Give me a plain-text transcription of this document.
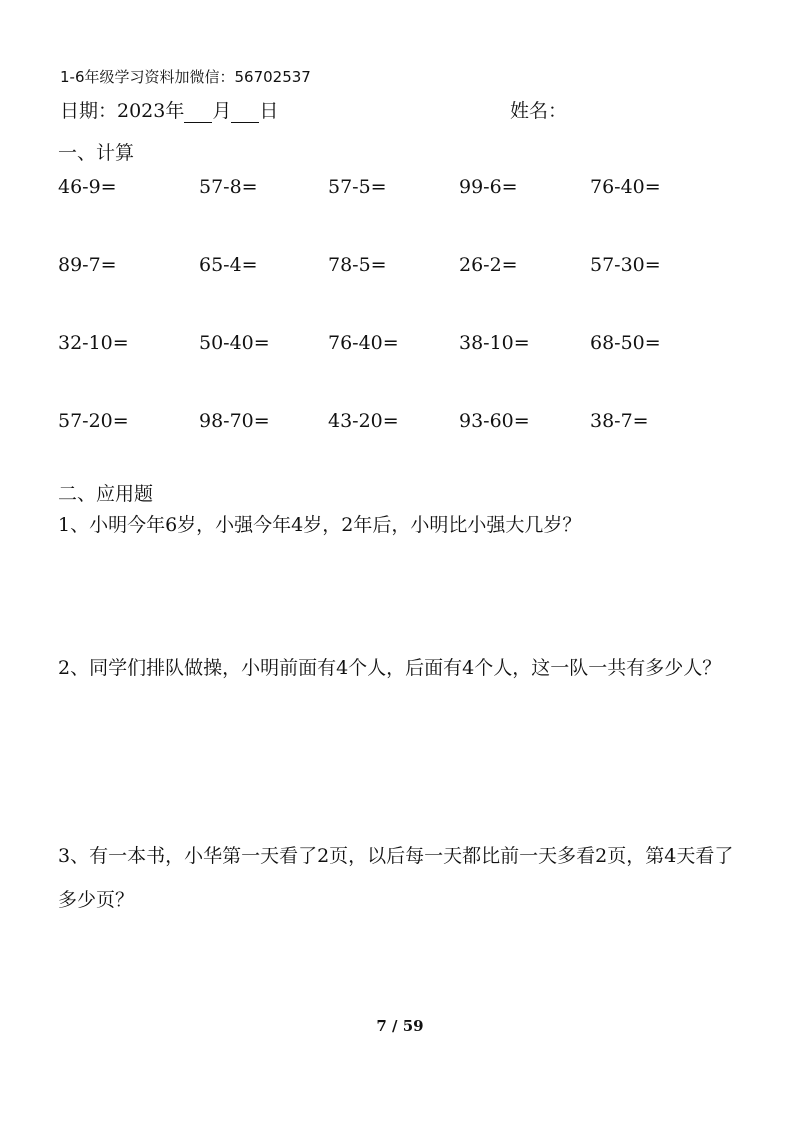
1-6年级学习资料加微信：56702537
日期：2023年 月 日	姓名：
一、计算
46-9=	57-8=	57-5=	99-6=	76-40=
89-7=	65-4=	78-5=	26-2=	57-30=
32-10=	50-40=	76-40=	38-10=	68-50=
57-20=	98-70=	43-20=	93-60=	38-7=
二、应用题
1、小明今年6岁，小强今年4岁，2年后，小明比小强大几岁？
2、同学们排队做操，小明前面有4个人，后面有4个人，这一队一共有多少人？
3、有一本书，小华第一天看了2页，以后每一天都比前一天多看2页，第4天看了多少页？
7 / 59
